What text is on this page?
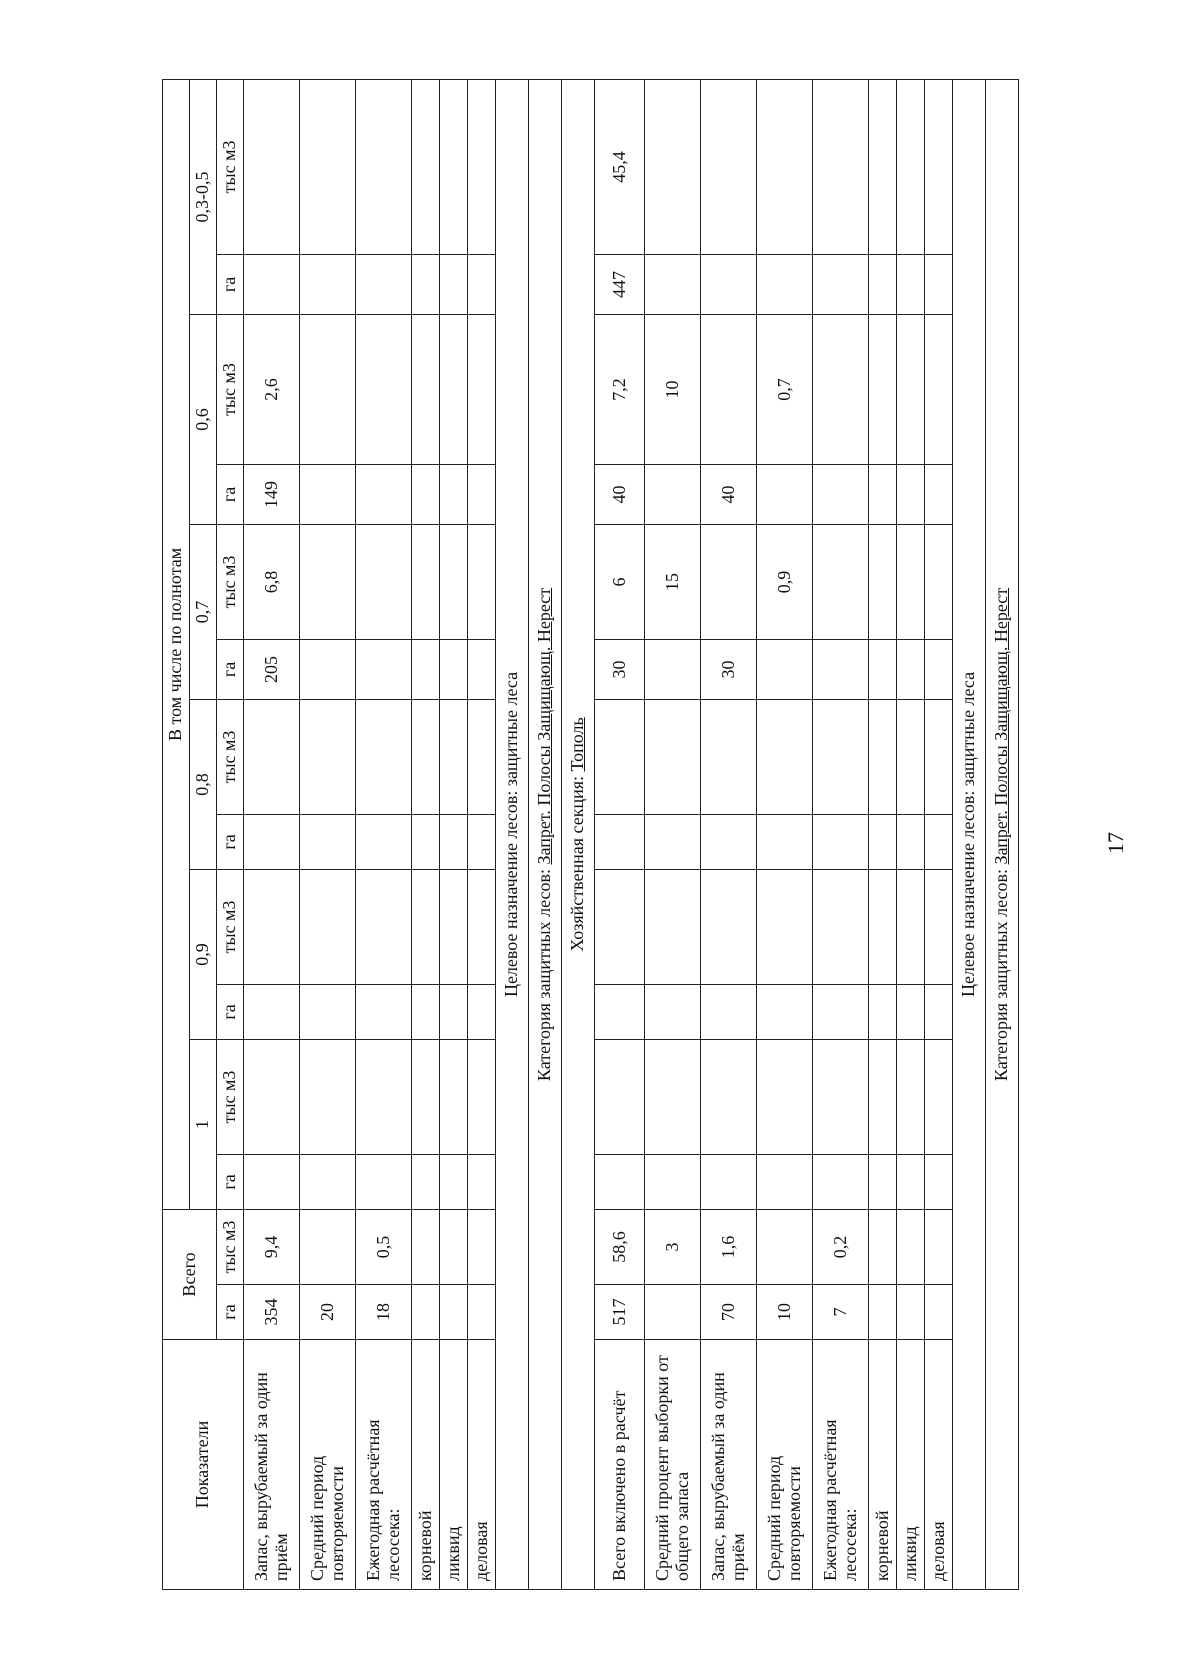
Показатели	Всего		В том числе по полнотам											
			1		0,9		0,8		0,7		0,6		0,3-0,5	
	га	тыс м3	га	тыс м3	га	тыс м3	га	тыс м3	га	тыс м3	га	тыс м3	га	тыс м3
Запас, вырубаемый за один приём	354	9,4							205	6,8	149	2,6		
Средний период повторяемости	20													
Ежегодная расчётная лесосека:	18	0,5												
корневой														
ликвид														
деловая														
Целевое назначение лесов: защитные леса														
Категория защитных лесов: Запрет. Полосы Защищающ. Нерест														
Хозяйственная секция: Тополь														
Всего включено в расчёт	517	58,6							30	6	40	7,2	447	45,4
Средний процент выборки от общего запаса		3								15		10		
Запас, вырубаемый за один приём	70	1,6							30		40			
Средний период повторяемости	10									0,9		0,7		
Ежегодная расчётная лесосека:	7	0,2												
корневой														
ликвид														
деловая														
Целевое назначение лесов: защитные леса														
Категория защитных лесов: Запрет. Полосы Защищающ. Нерест															17
